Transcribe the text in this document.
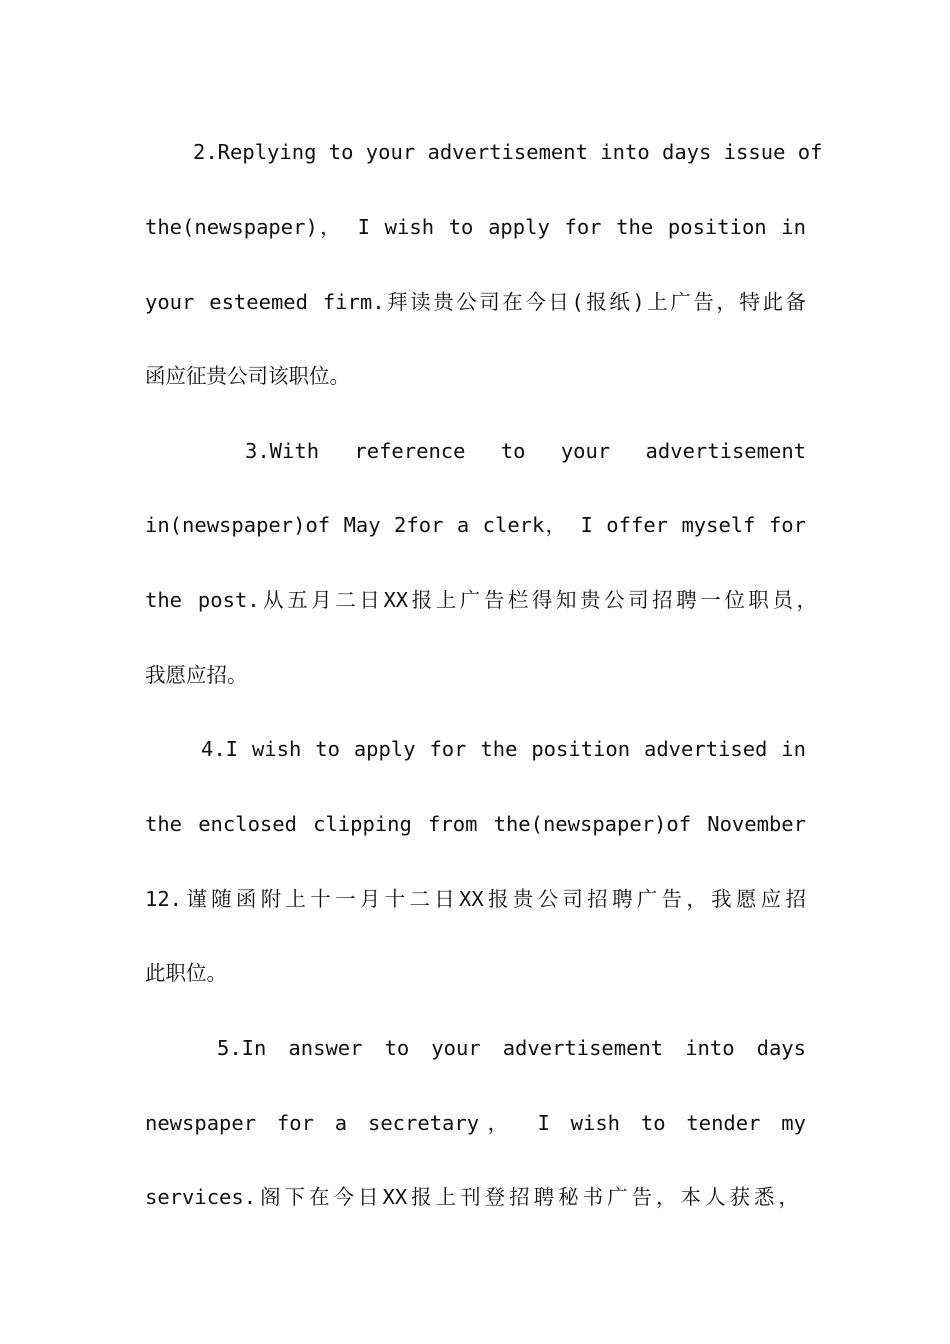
2.Replying to your advertisement into days issue of
the(newspaper)， I wish to apply for the position in
your esteemed firm.拜读贵公司在今日(报纸)上广告，特此备
函应征贵公司该职位。
3.With reference to your advertisement
in(newspaper)of May 2for a clerk， I offer myself for
the post.从五月二日XX报上广告栏得知贵公司招聘一位职员，
我愿应招。
4.I wish to apply for the position advertised in
the enclosed clipping from the(newspaper)of November
12.谨随函附上十一月十二日XX报贵公司招聘广告，我愿应招
此职位。
5.In answer to your advertisement into days
newspaper for a secretary， I wish to tender my
services.阁下在今日XX报上刊登招聘秘书广告，本人获悉，
